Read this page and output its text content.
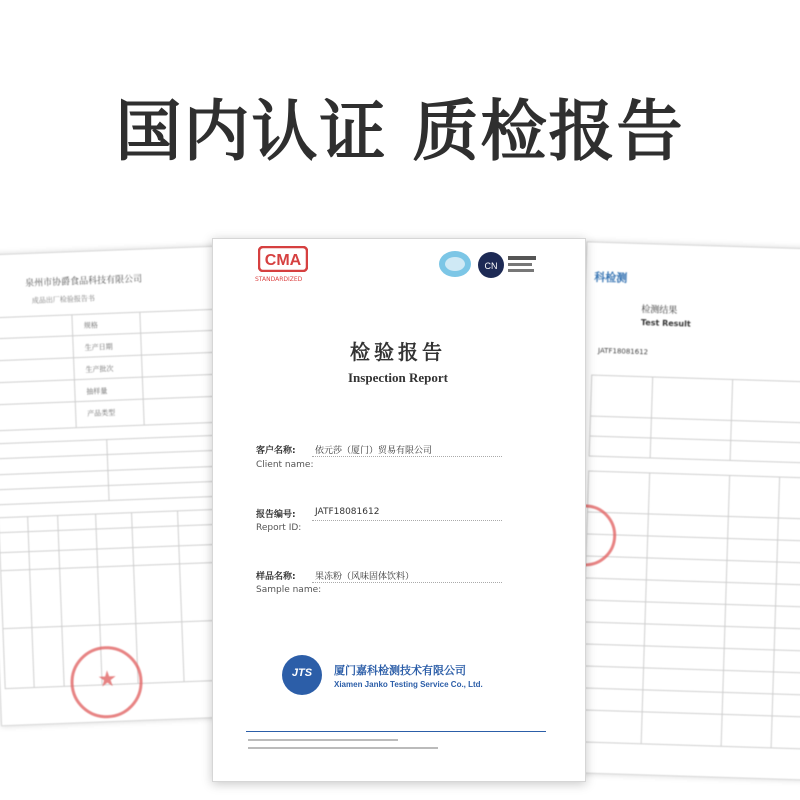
国内认证 质检报告
泉州市协爵食品科技有限公司
成品出厂检验报告书
规格
生产日期
生产批次
抽样量
产品类型
★
科检测
检测结果
Test Result
JATF18081612
CMA
STANDARDIZED
CN
检验报告
Inspection Report
客户名称: 依元莎（厦门）贸易有限公司
Client name:
报告编号: JATF18081612
Report ID:
样品名称: 果冻粉（风味固体饮料）
Sample name:
JTS	厦门嘉科检测技术有限公司
Xiamen Janko Testing Service Co., Ltd.
